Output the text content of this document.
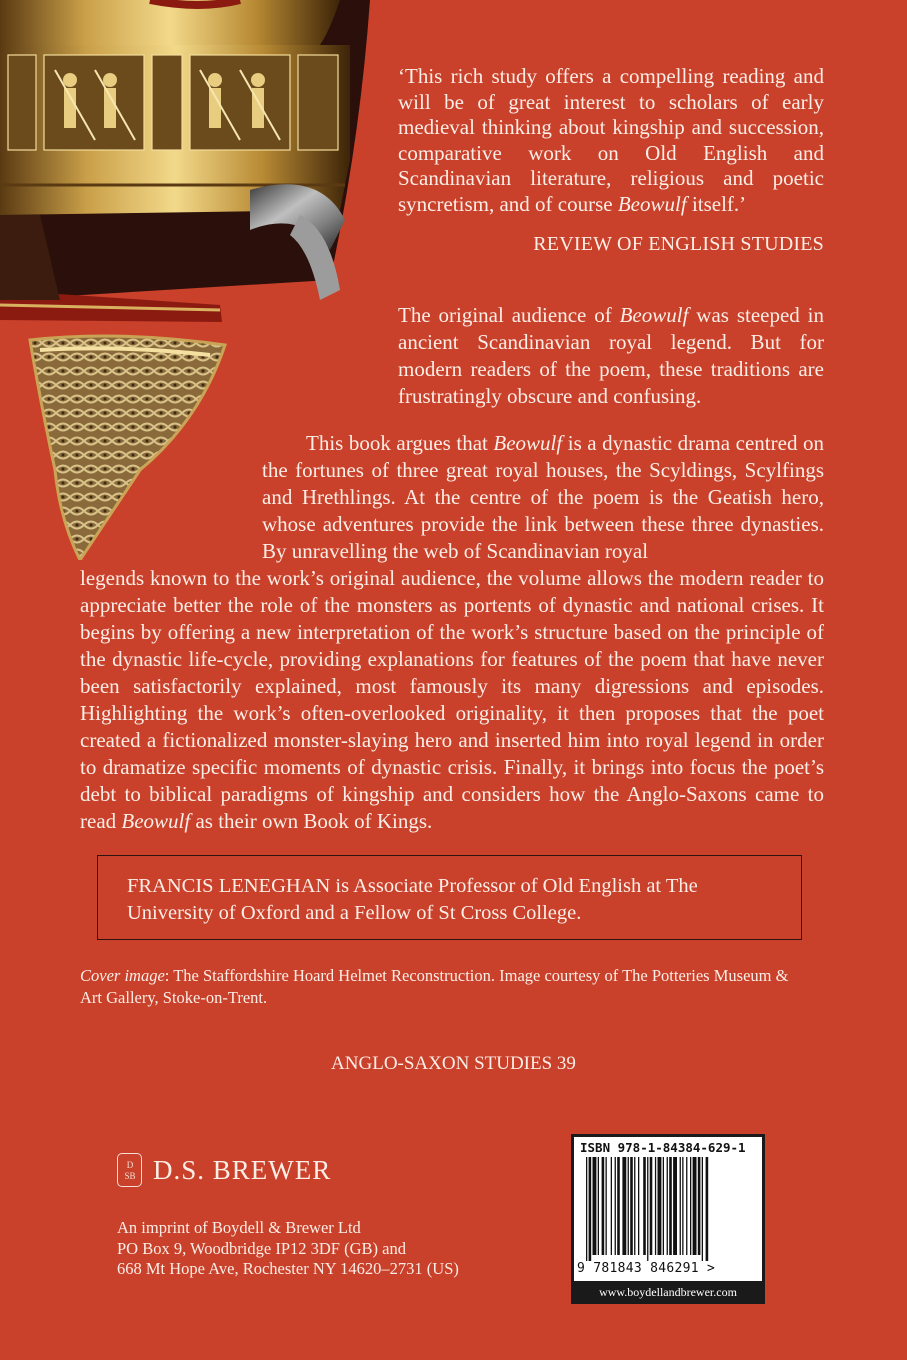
‘This rich study offers a compelling reading and will be of great interest to scholars of early medieval thinking about kingship and succession, comparative work on Old English and Scandinavian literature, religious and poetic syncretism, and of course Beowulf itself.’
REVIEW OF ENGLISH STUDIES
The original audience of Beowulf was steeped in ancient Scandinavian royal legend. But for modern readers of the poem, these traditions are frustratingly obscure and confusing.
This book argues that Beowulf is a dynastic drama centred on the fortunes of three great royal houses, the Scyldings, Scylfings and Hrethlings. At the centre of the poem is the Geatish hero, whose adventures provide the link between these three dynasties. By unravelling the web of Scandinavian royal
legends known to the work’s original audience, the volume allows the modern reader to appreciate better the role of the monsters as portents of dynastic and national crises. It begins by offering a new interpretation of the work’s structure based on the principle of the dynastic life-cycle, providing explanations for features of the poem that have never been satisfactorily explained, most famously its many digressions and episodes. Highlighting the work’s often-overlooked originality, it then proposes that the poet created a fictionalized monster-slaying hero and inserted him into royal legend in order to dramatize specific moments of dynastic crisis. Finally, it brings into focus the poet’s debt to biblical paradigms of kingship and considers how the Anglo-Saxons came to read Beowulf as their own Book of Kings.
FRANCIS LENEGHAN is Associate Professor of Old English at The University of Oxford and a Fellow of St Cross College.
Cover image: The Staffordshire Hoard Helmet Reconstruction. Image courtesy of The Potteries Museum & Art Gallery, Stoke-on-Trent.
ANGLO-SAXON STUDIES 39
D
SB D.S. BREWER
An imprint of Boydell & Brewer Ltd
PO Box 9, Woodbridge IP12 3DF (GB) and
668 Mt Hope Ave, Rochester NY 14620–2731 (US)
ISBN 978-1-84384-629-1
9 781843 846291 >
www.boydellandbrewer.com
